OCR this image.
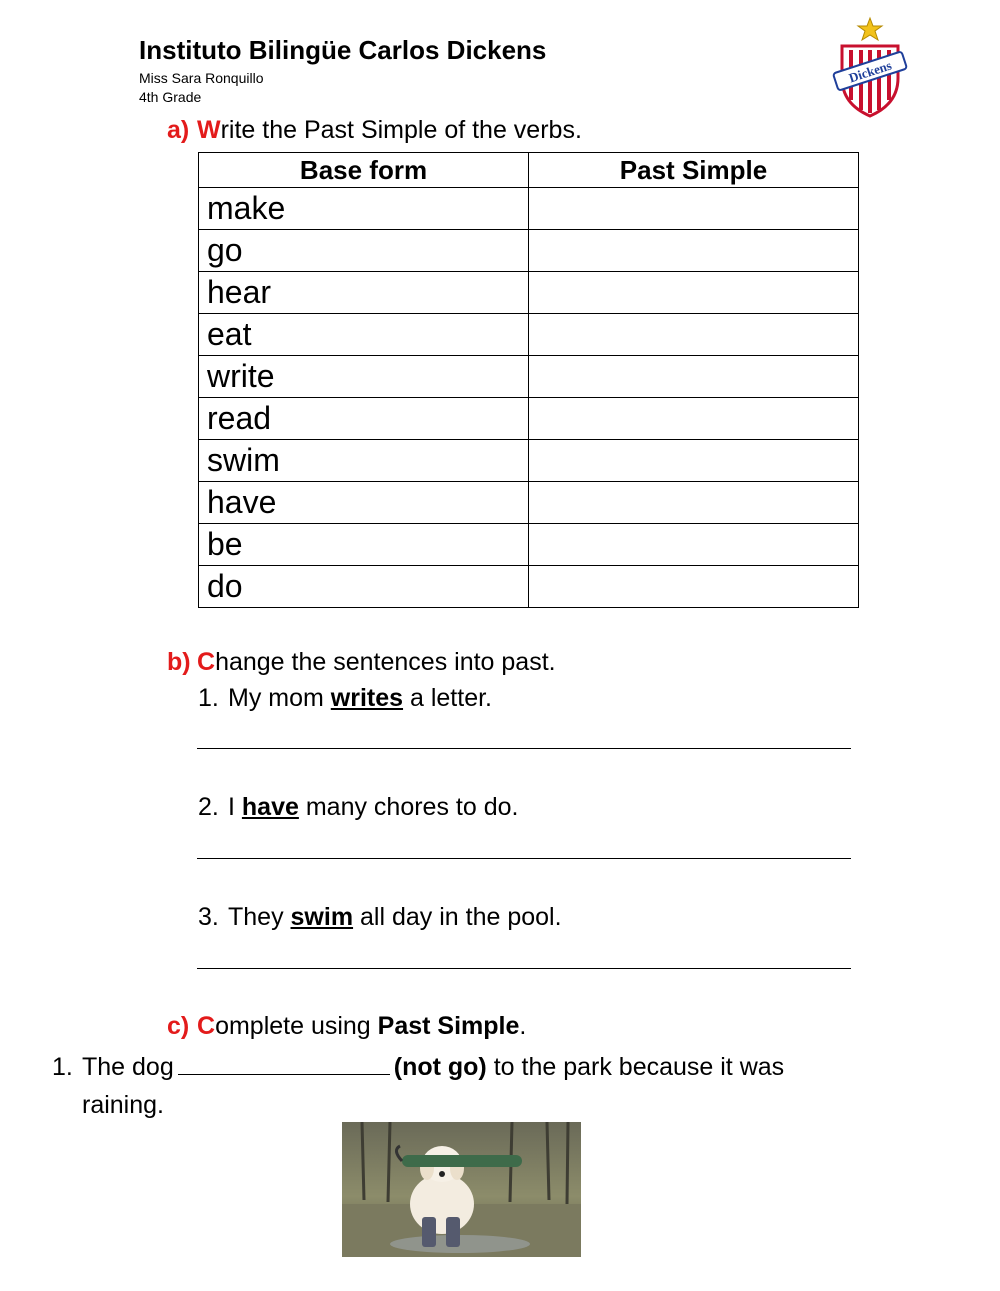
Instituto Bilingüe Carlos Dickens
Miss Sara Ronquillo
4th Grade
Dickens
a) Write the Past Simple of the verbs.
Base form	Past Simple
make	
go	
hear	
eat	
write	
read	
swim	
have	
be	
do	
b) Change the sentences into past.
1. My mom writes a letter.
2. I have many chores to do.
3. They swim all day in the pool.
c) Complete using Past Simple.
1. The dog	(not go) to the park because it was
raining.
